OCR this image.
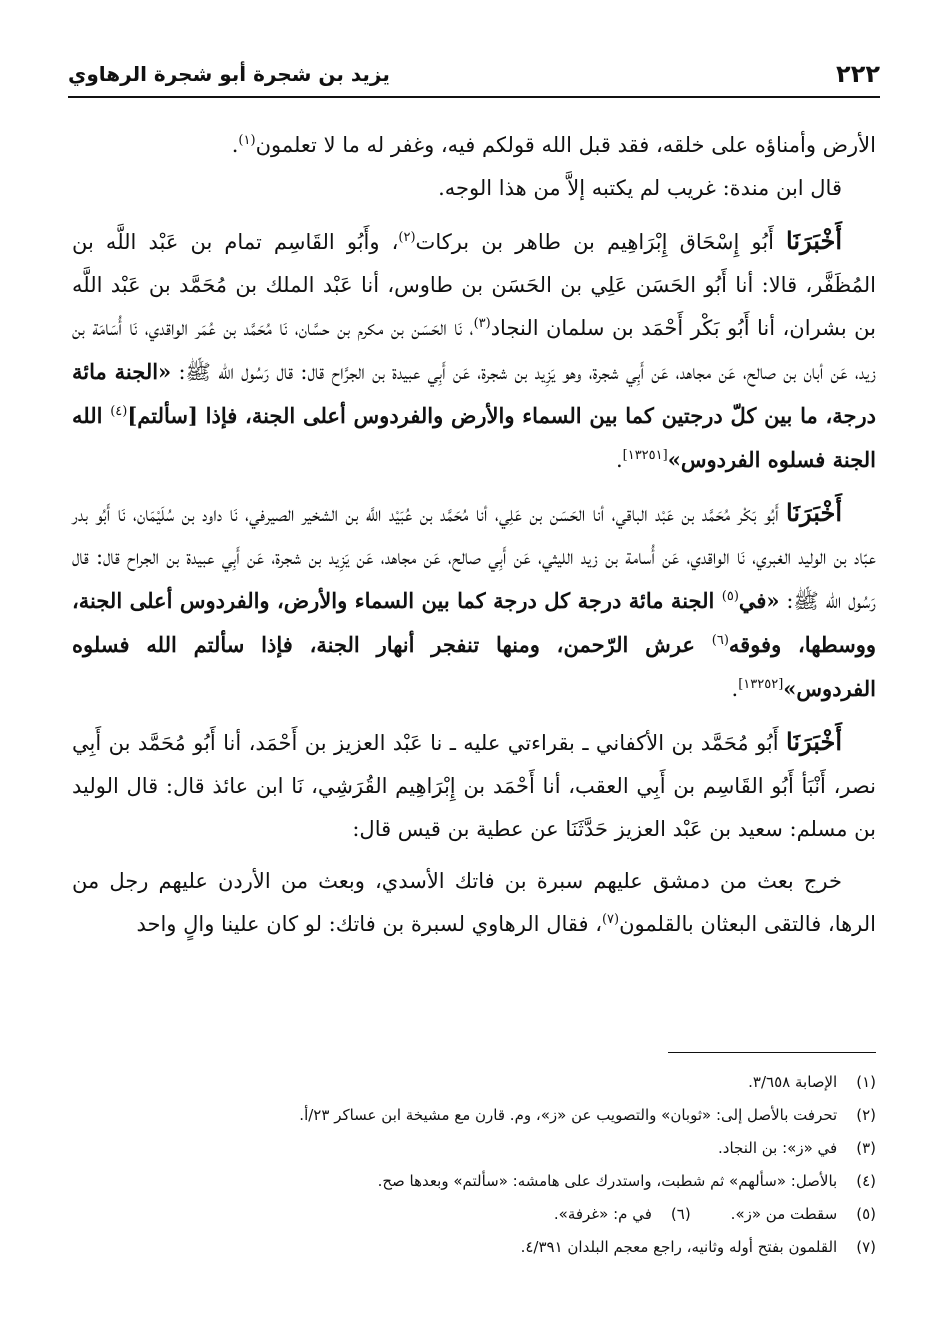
٢٢٢
يزيد بن شجرة أبو شجرة الرهاوي

الأرض وأمناؤه على خلقه، فقد قبل الله قولكم فيه، وغفر له ما لا تعلمون$^{(١)}$.

قال ابن مندة: غريب لم يكتبه إلاَّ من هذا الوجه.

أَخْبَرَنَا أَبُو إِسْحَاق إِبْرَاهِيم بن طاهر بن بركات$^{(٢)}$، وأَبُو القَاسِم تمام بن عَبْد اللَّه بن المُظَفَّر، قالا: أنا أَبُو الحَسَن عَلِي بن الحَسَن بن طاوس، أنا عَبْد الملك بن مُحَمَّد بن عَبْد اللَّه بن بشران، أنا أَبُو بَكْر أَحْمَد بن سلمان النجاد$^{(٣)}$، نَا الحَسَن بن مكرم بن حسَّان، نَا مُحَمَّد بن عُمَر الواقدي، نَا أُسَامَة بن زيد، عَن أبان بن صالح، عَن مجاهد، عَن أَبِي شجرة، وهو يَزِيد بن شجرة، عَن أَبِي عبيدة بن الجرَّاح قال: قال رَسُول الله ﷺ: «الجنة مائة درجة، ما بين كلّ درجتين كما بين السماء والأرض والفردوس أعلى الجنة، فإذا [سألتم]$^{(٤)}$ الله الجنة فسلوه الفردوس»[١٣٢٥١].

أَخْبَرَنَا أَبُو بَكْر مُحَمَّد بن عَبْد الباقي، أنا الحَسَن بن عَلِي، أنا مُحَمَّد بن عُبَيْد اللَّه بن الشخير الصيرفي، نَا داود بن سُلَيْمَان، نَا أَبُو بدر عبّاد بن الوليد الغبري، نَا الواقدي، عَن أُسامة بن زيد الليثي، عَن أَبِي صالح، عَن مجاهد، عَن يَزِيد بن شجرة، عَن أَبِي عبيدة بن الجراح قال: قال رَسُول الله ﷺ: «في$^{(٥)}$ الجنة مائة درجة كل درجة كما بين السماء والأرض، والفردوس أعلى الجنة، ووسطها، وفوقه$^{(٦)}$ عرش الرّحمن، ومنها تنفجر أنهار الجنة، فإذا سألتم الله فسلوه الفردوس»[١٣٢٥٢].

أَخْبَرَنَا أَبُو مُحَمَّد بن الأكفاني ـ بقراءتي عليه ـ نا عَبْد العزيز بن أَحْمَد، أنا أَبُو مُحَمَّد بن أَبِي نصر، أَنْبَأ أَبُو القَاسِم بن أَبِي العقب، أنا أَحْمَد بن إِبْرَاهِيم القُرَشِي، نَا ابن عائذ قال: قال الوليد بن مسلم: سعيد بن عَبْد العزيز حَدَّثَنَا عن عطية بن قيس قال:

خرج بعث من دمشق عليهم سبرة بن فاتك الأسدي، وبعث من الأردن عليهم رجل من الرها، فالتقى البعثان بالقلمون$^{(٧)}$، فقال الرهاوي لسبرة بن فاتك: لو كان علينا والٍ واحد

(١) الإصابة ٣/٦٥٨.
(٢) تحرفت بالأصل إلى: «ثوبان» والتصويب عن «ز»، وم. قارن مع مشيخة ابن عساكر ٢٣/أ.
(٣) في «ز»: بن النجاد.
(٤) بالأصل: «سألهم» ثم شطبت، واستدرك على هامشه: «سألتم» وبعدها صح.
(٥) سقطت من «ز».(٦) في م: «غرفة».
(٧) القلمون بفتح أوله وثانيه، راجع معجم البلدان ٤/٣٩١.
